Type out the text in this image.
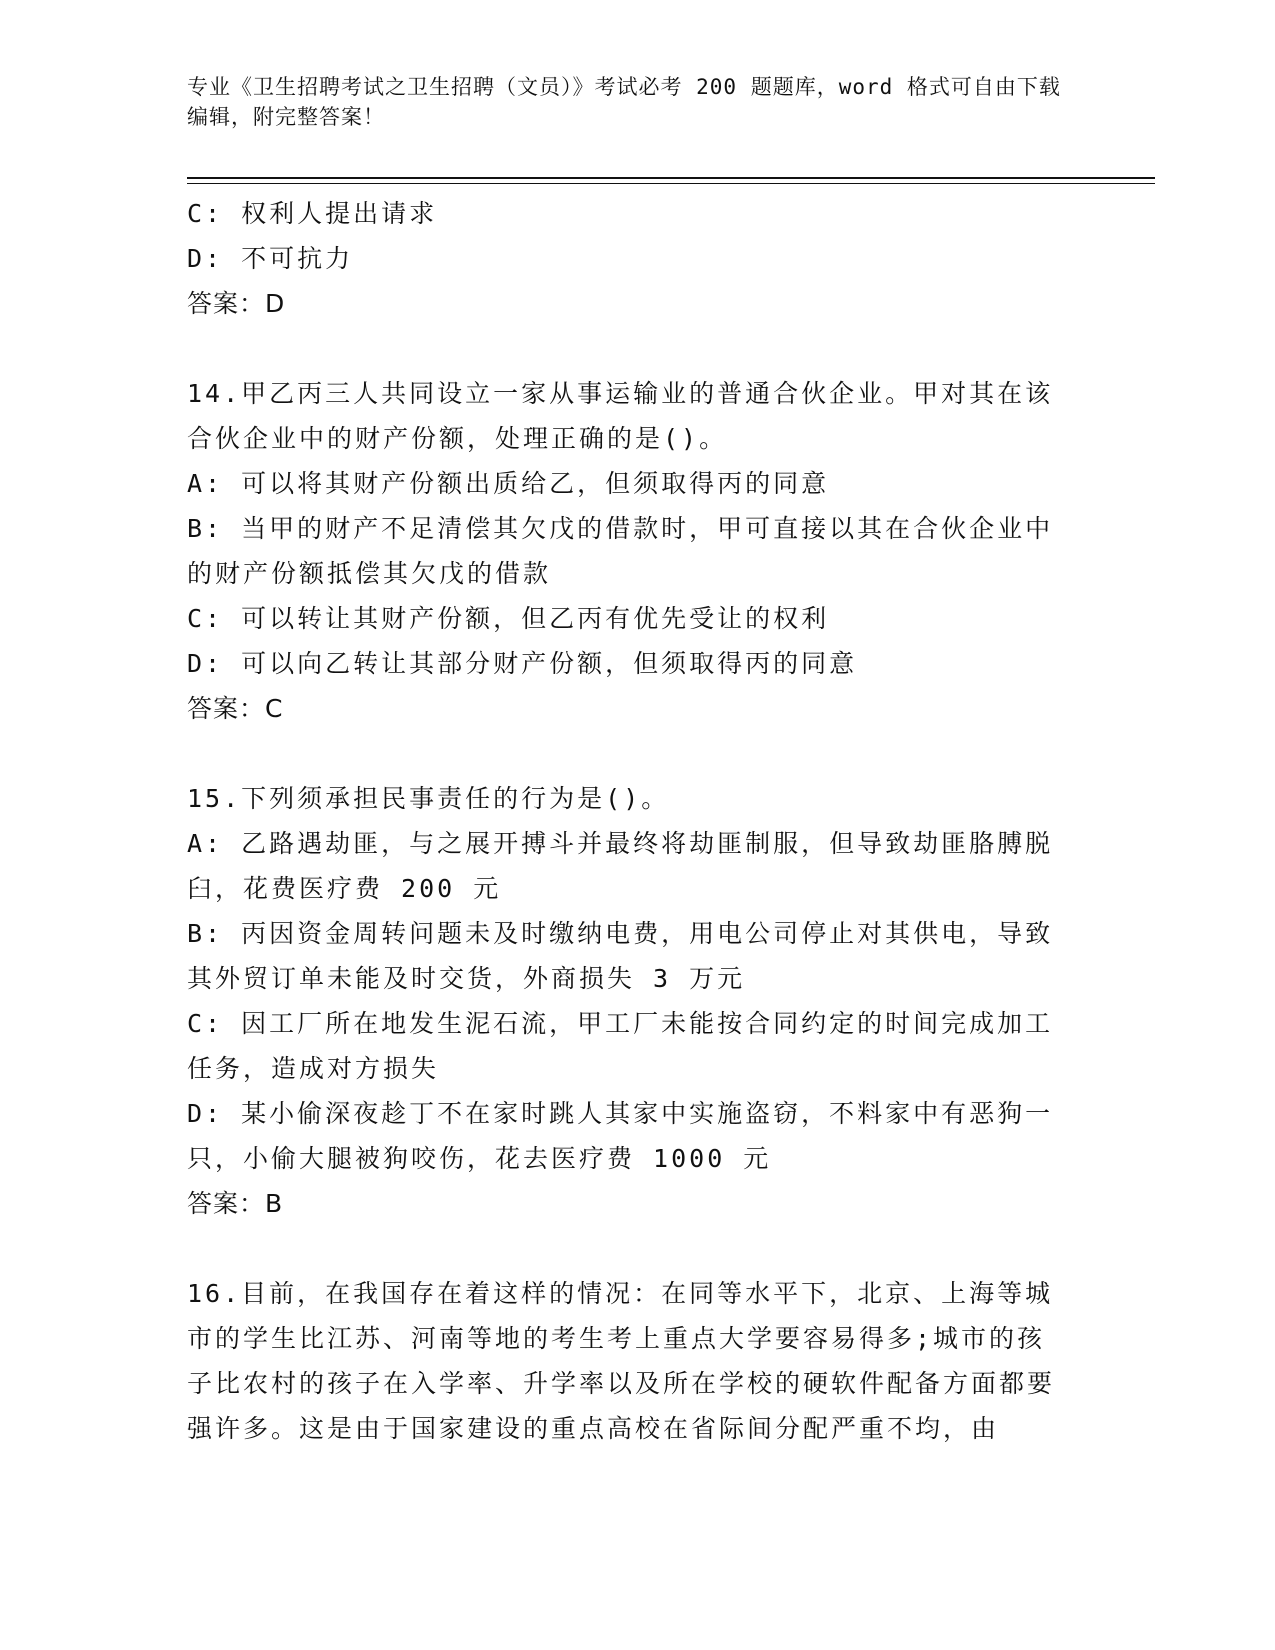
专业《卫生招聘考试之卫生招聘（文员）》考试必考 200 题题库，word 格式可自由下载编辑，附完整答案！

C: 权利人提出请求

D: 不可抗力

答案：D

14.甲乙丙三人共同设立一家从事运输业的普通合伙企业。甲对其在该合伙企业中的财产份额，处理正确的是()。

A: 可以将其财产份额出质给乙，但须取得丙的同意

B: 当甲的财产不足清偿其欠戊的借款时，甲可直接以其在合伙企业中的财产份额抵偿其欠戊的借款

C: 可以转让其财产份额，但乙丙有优先受让的权利

D: 可以向乙转让其部分财产份额，但须取得丙的同意

答案：C

15.下列须承担民事责任的行为是()。

A: 乙路遇劫匪，与之展开搏斗并最终将劫匪制服，但导致劫匪胳膊脱臼，花费医疗费 200 元

B: 丙因资金周转问题未及时缴纳电费，用电公司停止对其供电，导致其外贸订单未能及时交货，外商损失 3 万元

C: 因工厂所在地发生泥石流，甲工厂未能按合同约定的时间完成加工任务，造成对方损失

D: 某小偷深夜趁丁不在家时跳人其家中实施盗窃，不料家中有恶狗一只，小偷大腿被狗咬伤，花去医疗费 1000 元

答案：B

16.目前，在我国存在着这样的情况：在同等水平下，北京、上海等城市的学生比江苏、河南等地的考生考上重点大学要容易得多;城市的孩子比农村的孩子在入学率、升学率以及所在学校的硬软件配备方面都要强许多。这是由于国家建设的重点高校在省际间分配严重不均，由
